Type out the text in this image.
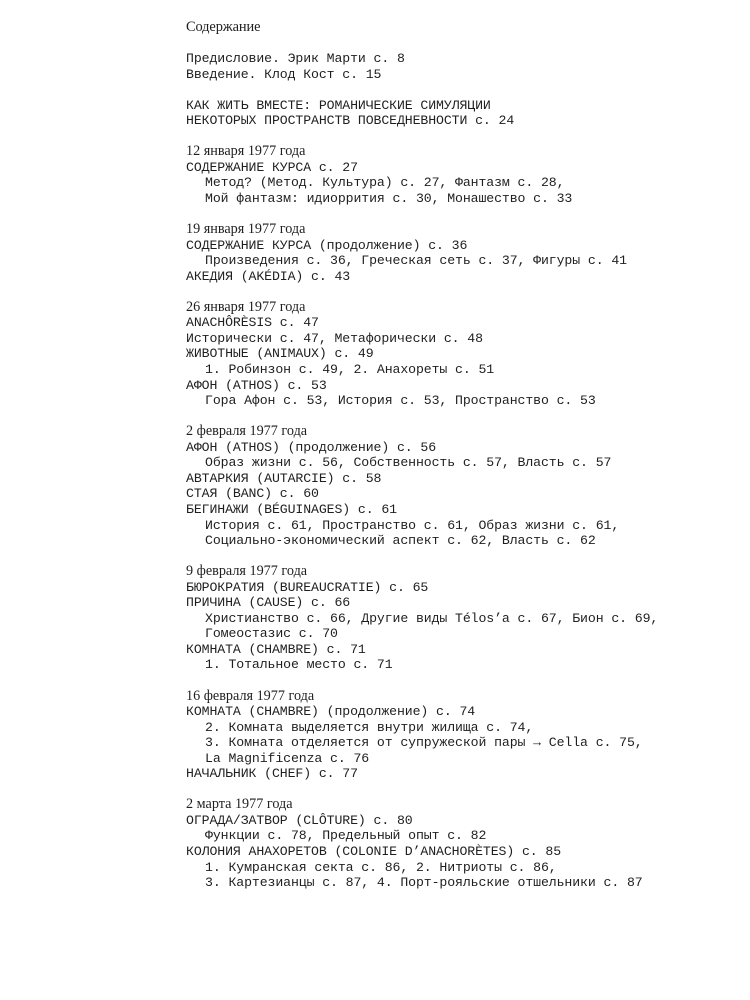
Содержание
Предисловие. Эрик Марти с. 8
Введение. Клод Кост с. 15
КАК ЖИТЬ ВМЕСТЕ: РОМАНИЧЕСКИЕ СИМУЛЯЦИИ
НЕКОТОРЫХ ПРОСТРАНСТВ ПОВСЕДНЕВНОСТИ с. 24
12 января 1977 года
СОДЕРЖАНИЕ КУРСА с. 27
Метод? (Метод. Культура) с. 27, Фантазм с. 28,
Мой фантазм: идиоррития с. 30, Монашество с. 33
19 января 1977 года
СОДЕРЖАНИЕ КУРСА (продолжение) с. 36
Произведения с. 36, Греческая сеть с. 37, Фигуры с. 41
АКЕДИЯ (AKÉDIA) с. 43
26 января 1977 года
ANACHÔRÈSIS с. 47
Исторически с. 47, Метафорически с. 48
ЖИВОТНЫЕ (ANIMAUX) с. 49
1. Робинзон с. 49, 2. Анахореты с. 51
АФОН (ATHOS) с. 53
Гора Афон с. 53, История с. 53, Пространство с. 53
2 февраля 1977 года
АФОН (ATHOS) (продолжение) с. 56
Образ жизни с. 56, Собственность с. 57, Власть с. 57
АВТАРКИЯ (AUTARCIE) с. 58
СТАЯ (BANC) с. 60
БЕГИНАЖИ (BÉGUINAGES) с. 61
История с. 61, Пространство с. 61, Образ жизни с. 61,
Социально-экономический аспект с. 62, Власть с. 62
9 февраля 1977 года
БЮРОКРАТИЯ (BUREAUCRATIE) с. 65
ПРИЧИНА (CAUSE) с. 66
Христианство с. 66, Другие виды Télos’a с. 67, Бион с. 69,
Гомеостазис с. 70
КОМНАТА (CHAMBRE) с. 71
1. Тотальное место с. 71
16 февраля 1977 года
КОМНАТА (CHAMBRE) (продолжение) с. 74
2. Комната выделяется внутри жилища с. 74,
3. Комната отделяется от супружеской пары → Cella с. 75,
La Magnificenza с. 76
НАЧАЛЬНИК (CHEF) с. 77
2 марта 1977 года
ОГРАДА/ЗАТВОР (CLÔTURE) с. 80
Функции с. 78, Предельный опыт с. 82
КОЛОНИЯ АНАХОРЕТОВ (COLONIE D’ANACHORÈTES) с. 85
1. Кумранская секта с. 86, 2. Нитриоты с. 86,
3. Картезианцы с. 87, 4. Порт-рояльские отшельники с. 87
